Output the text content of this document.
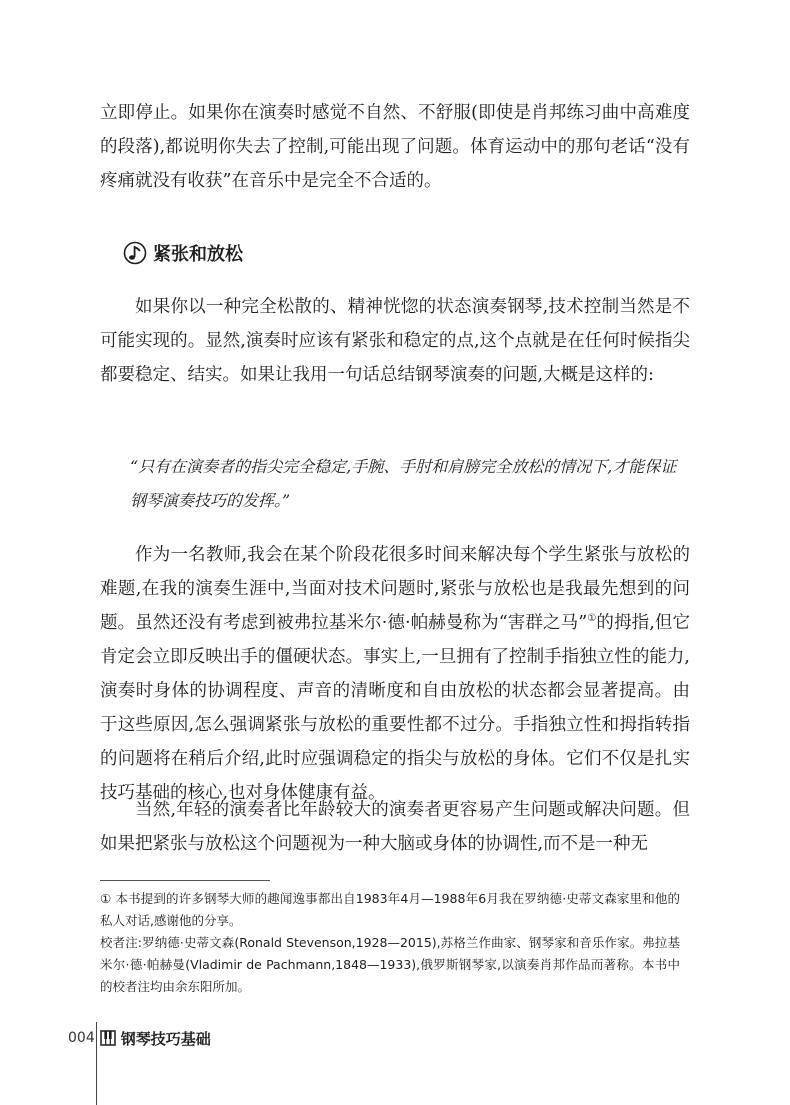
立即停止。如果你在演奏时感觉不自然、不舒服(即使是肖邦练习曲中高难度的段落),都说明你失去了控制,可能出现了问题。体育运动中的那句老话“没有疼痛就没有收获”在音乐中是完全不合适的。

紧张和放松

如果你以一种完全松散的、精神恍惚的状态演奏钢琴,技术控制当然是不可能实现的。显然,演奏时应该有紧张和稳定的点,这个点就是在任何时候指尖都要稳定、结实。如果让我用一句话总结钢琴演奏的问题,大概是这样的:

“只有在演奏者的指尖完全稳定,手腕、手肘和肩膀完全放松的情况下,才能保证钢琴演奏技巧的发挥。”

作为一名教师,我会在某个阶段花很多时间来解决每个学生紧张与放松的难题,在我的演奏生涯中,当面对技术问题时,紧张与放松也是我最先想到的问题。虽然还没有考虑到被弗拉基米尔·德·帕赫曼称为“害群之马”①的拇指,但它肯定会立即反映出手的僵硬状态。事实上,一旦拥有了控制手指独立性的能力,演奏时身体的协调程度、声音的清晰度和自由放松的状态都会显著提高。由于这些原因,怎么强调紧张与放松的重要性都不过分。手指独立性和拇指转指的问题将在稍后介绍,此时应强调稳定的指尖与放松的身体。它们不仅是扎实技巧基础的核心,也对身体健康有益。

当然,年轻的演奏者比年龄较大的演奏者更容易产生问题或解决问题。但如果把紧张与放松这个问题视为一种大脑或身体的协调性,而不是一种无

① 本书提到的许多钢琴大师的趣闻逸事都出自1983年4月—1988年6月我在罗纳德·史蒂文森家里和他的私人对话,感谢他的分享。

校者注:罗纳德·史蒂文森(Ronald Stevenson,1928—2015),苏格兰作曲家、钢琴家和音乐作家。弗拉基米尔·德·帕赫曼(Vladimir de Pachmann,1848—1933),俄罗斯钢琴家,以演奏肖邦作品而著称。本书中的校者注均由余东阳所加。

004 钢琴技巧基础
